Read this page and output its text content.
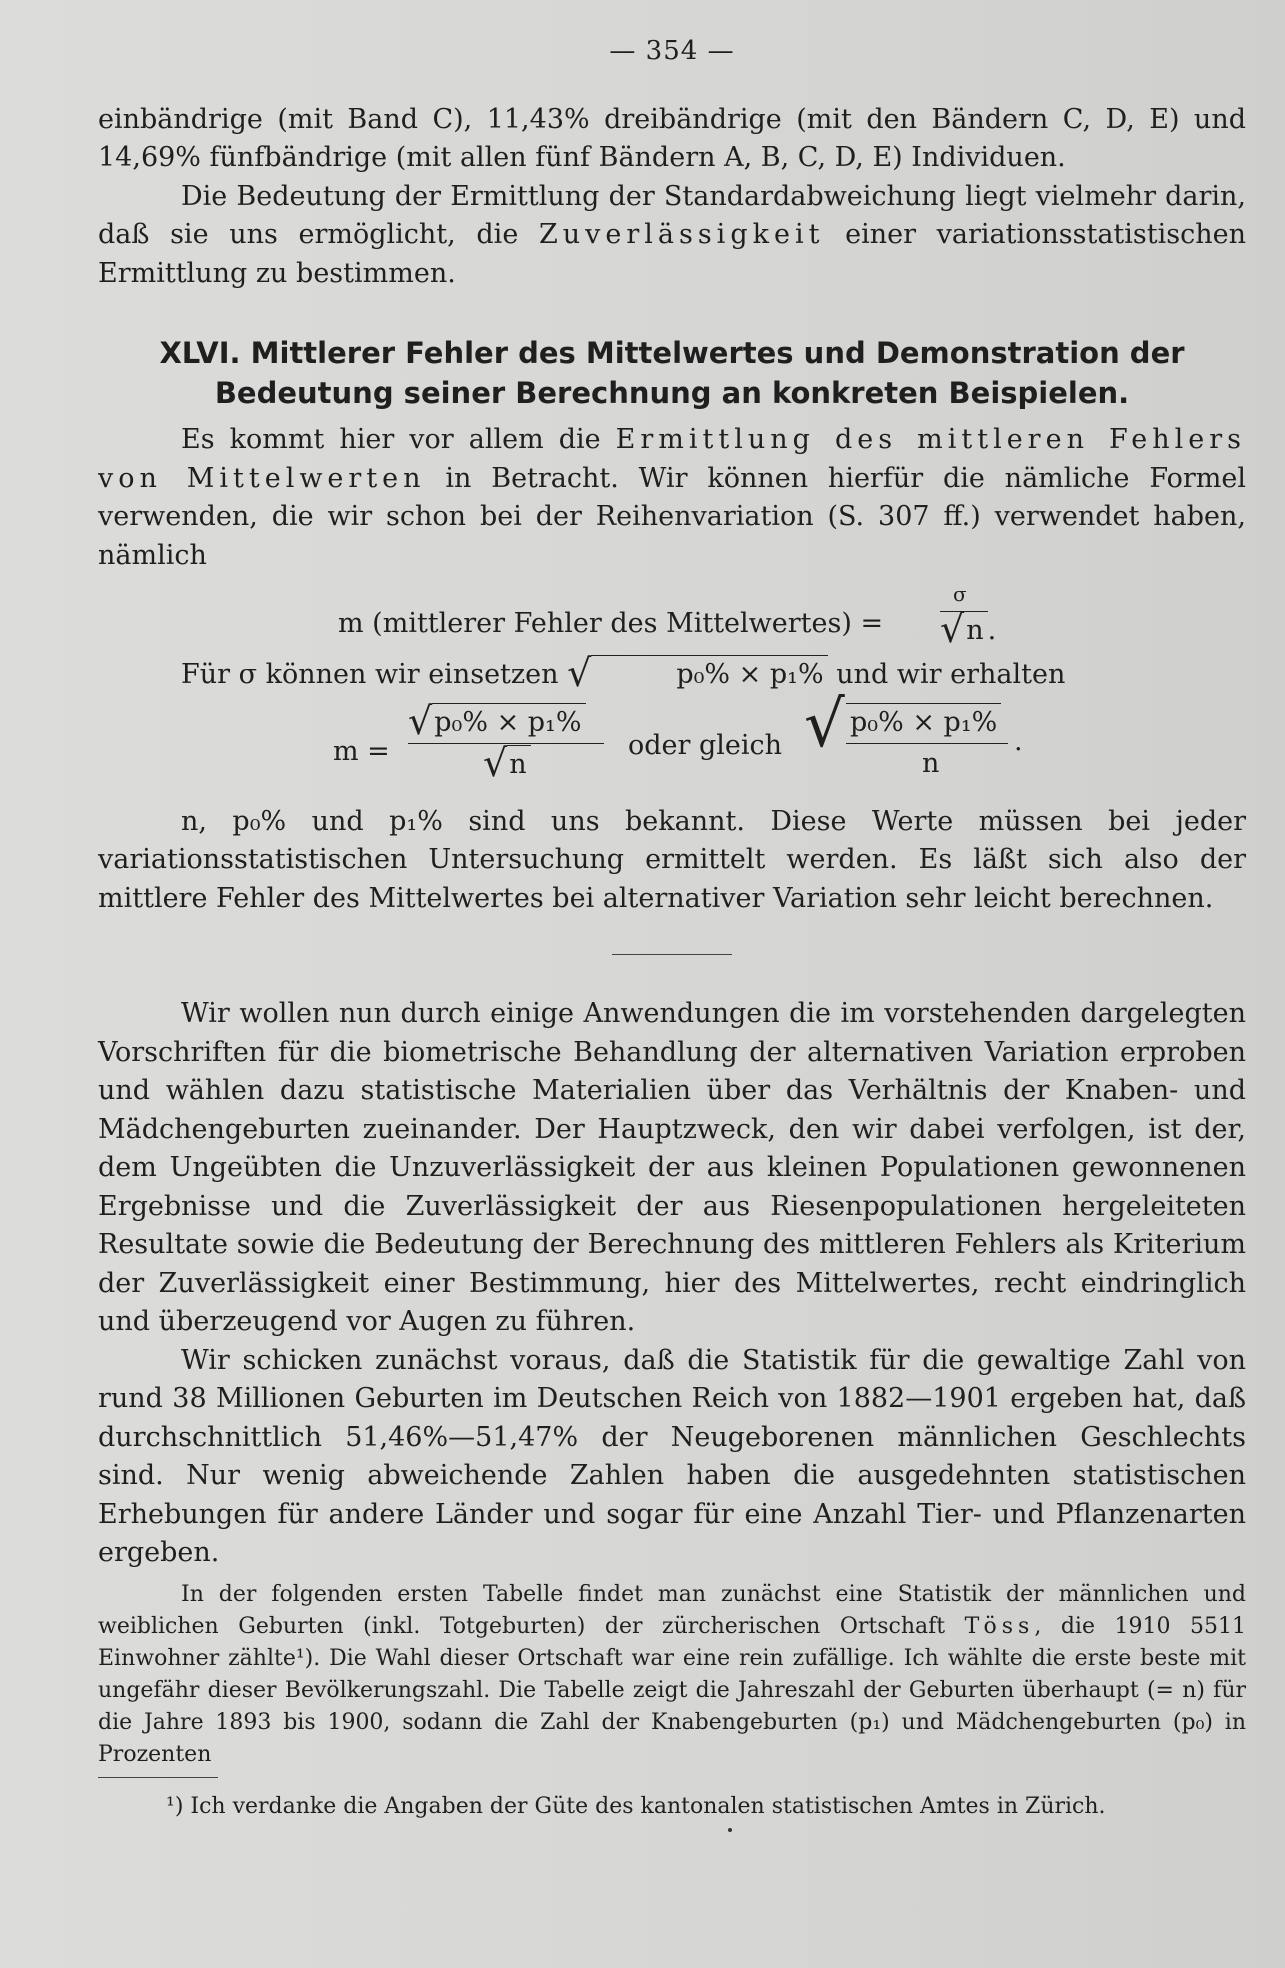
— 354 —

einbändrige (mit Band C), 11,43% dreibändrige (mit den Bändern C, D, E) und 14,69% fünfbändrige (mit allen fünf Bändern A, B, C, D, E) Individuen.

Die Bedeutung der Ermittlung der Standardabweichung liegt vielmehr darin, daß sie uns ermöglicht, die Zuverlässigkeit einer variationsstatistischen Ermittlung zu bestimmen.

XLVI. Mittlerer Fehler des Mittelwertes und Demonstration der
Bedeutung seiner Berechnung an konkreten Beispielen.

Es kommt hier vor allem die Ermittlung des mittleren Fehlers von Mittelwerten in Betracht. Wir können hierfür die nämliche Formel verwenden, die wir schon bei der Reihenvariation (S. 307 ff.) verwendet haben, nämlich

m (mittlerer Fehler des Mittelwertes) =
σ
√n .

Für σ können wir einsetzen √	p₀% × p₁% und wir erhalten

m =
√p₀% × p₁%
√n
oder gleich √ p₀% × p₁%
n
.

n, p₀% und p₁% sind uns bekannt. Diese Werte müssen bei jeder variationsstatistischen Untersuchung ermittelt werden. Es läßt sich also der mittlere Fehler des Mittelwertes bei alternativer Variation sehr leicht berechnen.

Wir wollen nun durch einige Anwendungen die im vorstehenden dargelegten Vorschriften für die biometrische Behandlung der alternativen Variation erproben und wählen dazu statistische Materialien über das Verhältnis der Knaben- und Mädchengeburten zueinander. Der Hauptzweck, den wir dabei verfolgen, ist der, dem Ungeübten die Unzuverlässigkeit der aus kleinen Populationen gewonnenen Ergebnisse und die Zuverlässigkeit der aus Riesenpopulationen hergeleiteten Resultate sowie die Bedeutung der Berechnung des mittleren Fehlers als Kriterium der Zuverlässigkeit einer Bestimmung, hier des Mittelwertes, recht eindringlich und überzeugend vor Augen zu führen.

Wir schicken zunächst voraus, daß die Statistik für die gewaltige Zahl von rund 38 Millionen Geburten im Deutschen Reich von 1882—1901 ergeben hat, daß durchschnittlich 51,46%—51,47% der Neugeborenen männlichen Geschlechts sind. Nur wenig abweichende Zahlen haben die ausgedehnten statistischen Erhebungen für andere Länder und sogar für eine Anzahl Tier- und Pflanzenarten ergeben.

In der folgenden ersten Tabelle findet man zunächst eine Statistik der männlichen und weiblichen Geburten (inkl. Totgeburten) der zürcherischen Ortschaft Töss, die 1910 5511 Einwohner zählte¹). Die Wahl dieser Ortschaft war eine rein zufällige. Ich wählte die erste beste mit ungefähr dieser Bevölkerungszahl. Die Tabelle zeigt die Jahreszahl der Geburten überhaupt (= n) für die Jahre 1893 bis 1900, sodann die Zahl der Knabengeburten (p₁) und Mädchengeburten (p₀) in Prozenten

¹) Ich verdanke die Angaben der Güte des kantonalen statistischen Amtes in Zürich.
